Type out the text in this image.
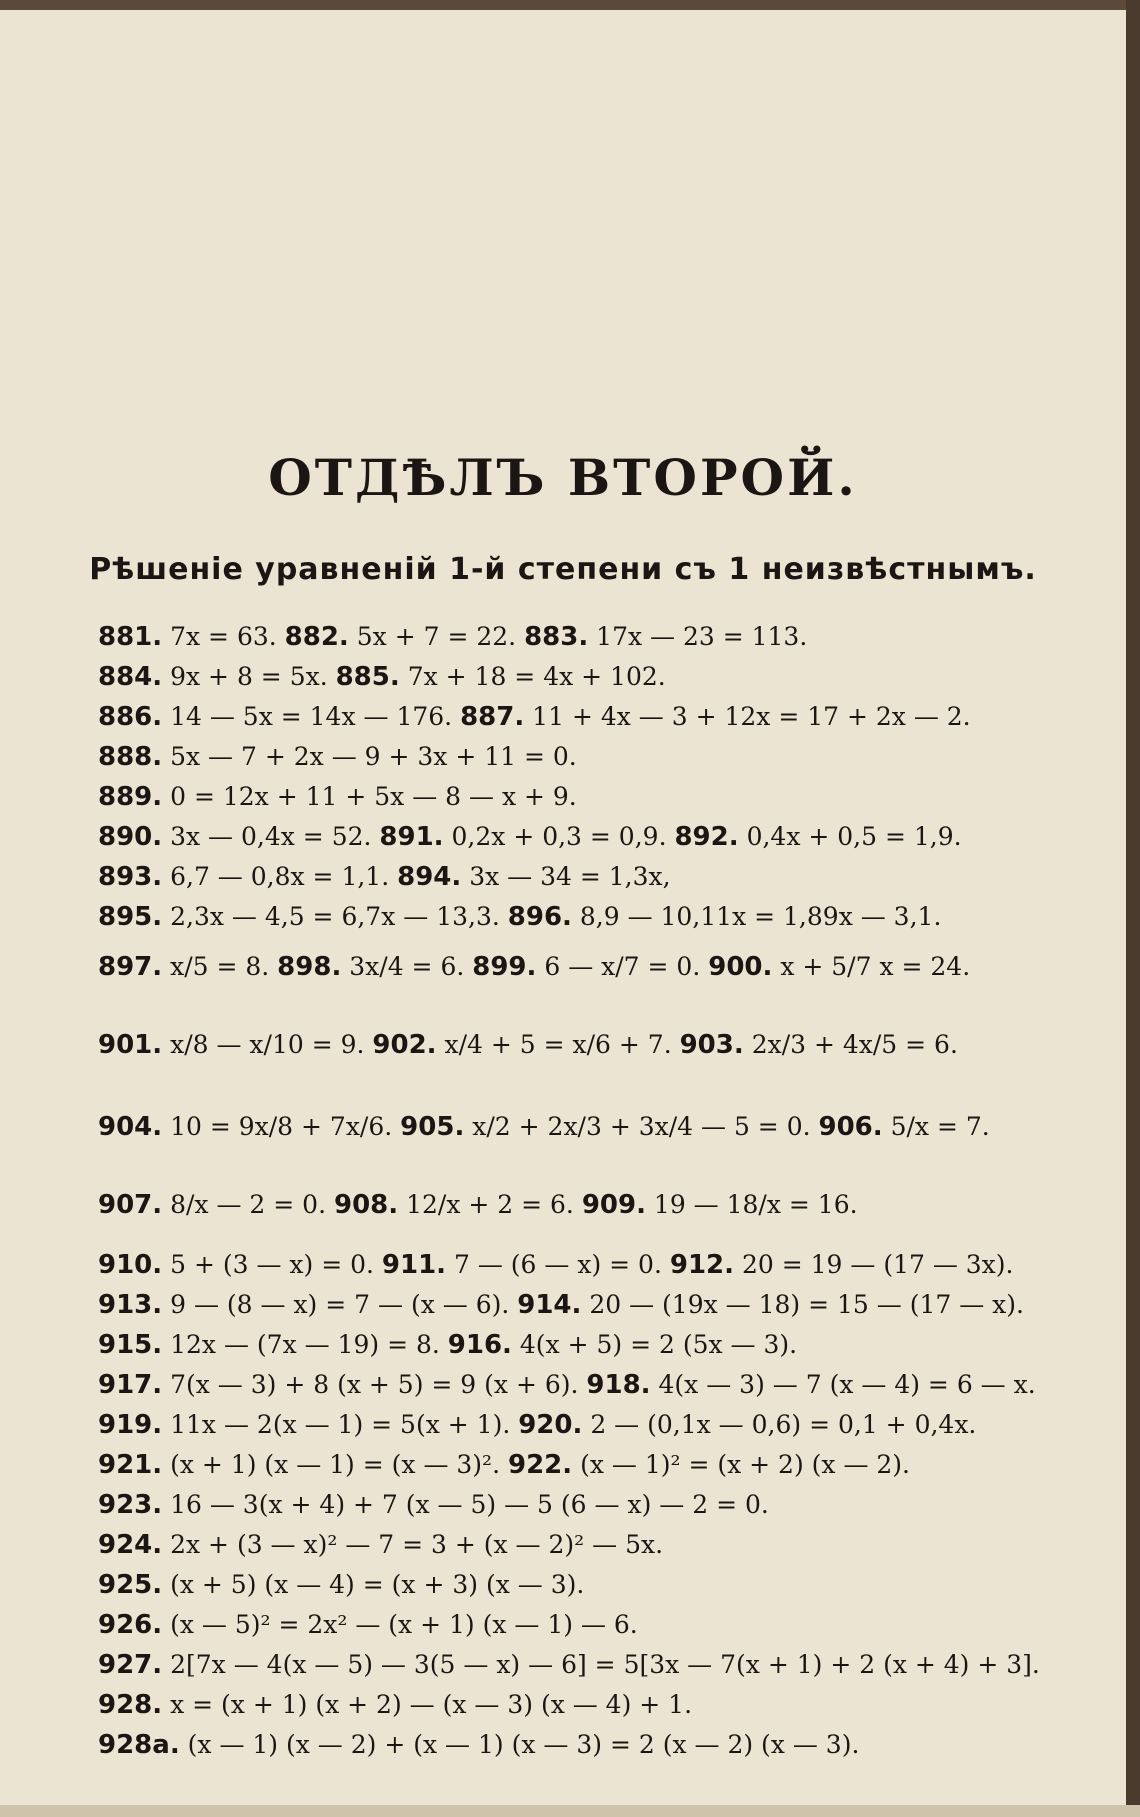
ОТДѢЛЪ ВТОРОЙ.
Рѣшеніе уравненій 1-й степени съ 1 неизвѣстнымъ.
881. 7x = 63. 882. 5x + 7 = 22. 883. 17x — 23 = 113.
884. 9x + 8 = 5x. 885. 7x + 18 = 4x + 102.
886. 14 — 5x = 14x — 176. 887. 11 + 4x — 3 + 12x = 17 + 2x — 2.
888. 5x — 7 + 2x — 9 + 3x + 11 = 0.
889. 0 = 12x + 11 + 5x — 8 — x + 9.
890. 3x — 0,4x = 52. 891. 0,2x + 0,3 = 0,9. 892. 0,4x + 0,5 = 1,9.
893. 6,7 — 0,8x = 1,1. 894. 3x — 34 = 1,3x,
895. 2,3x — 4,5 = 6,7x — 13,3. 896. 8,9 — 10,11x = 1,89x — 3,1.
897. x/5 = 8. 898. 3x/4 = 6. 899. 6 — x/7 = 0. 900. x + 5/7 x = 24.
901. x/8 — x/10 = 9. 902. x/4 + 5 = x/6 + 7. 903. 2x/3 + 4x/5 = 6.
904. 10 = 9x/8 + 7x/6. 905. x/2 + 2x/3 + 3x/4 — 5 = 0. 906. 5/x = 7.
907. 8/x — 2 = 0. 908. 12/x + 2 = 6. 909. 19 — 18/x = 16.
910. 5 + (3 — x) = 0. 911. 7 — (6 — x) = 0. 912. 20 = 19 — (17 — 3x).
913. 9 — (8 — x) = 7 — (x — 6). 914. 20 — (19x — 18) = 15 — (17 — x).
915. 12x — (7x — 19) = 8. 916. 4(x + 5) = 2 (5x — 3).
917. 7(x — 3) + 8 (x + 5) = 9 (x + 6). 918. 4(x — 3) — 7 (x — 4) = 6 — x.
919. 11x — 2(x — 1) = 5(x + 1). 920. 2 — (0,1x — 0,6) = 0,1 + 0,4x.
921. (x + 1) (x — 1) = (x — 3)². 922. (x — 1)² = (x + 2) (x — 2).
923. 16 — 3(x + 4) + 7 (x — 5) — 5 (6 — x) — 2 = 0.
924. 2x + (3 — x)² — 7 = 3 + (x — 2)² — 5x.
925. (x + 5) (x — 4) = (x + 3) (x — 3).
926. (x — 5)² = 2x² — (x + 1) (x — 1) — 6.
927. 2[7x — 4(x — 5) — 3(5 — x) — 6] = 5[3x — 7(x + 1) + 2 (x + 4) + 3].
928. x = (x + 1) (x + 2) — (x — 3) (x — 4) + 1.
928а. (x — 1) (x — 2) + (x — 1) (x — 3) = 2 (x — 2) (x — 3).
